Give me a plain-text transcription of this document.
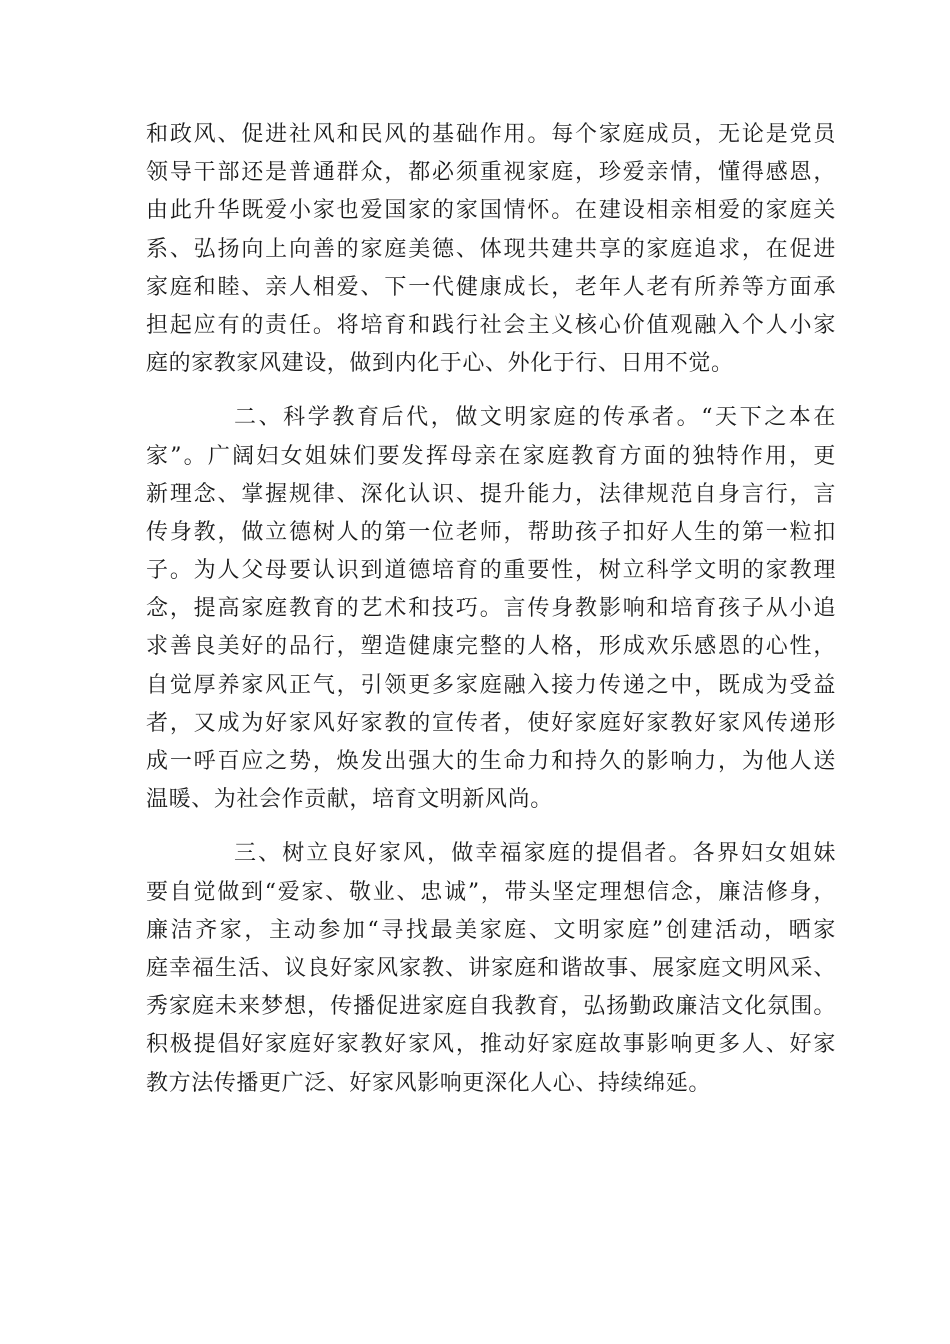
和政风、促进社风和民风的基础作用。每个家庭成员，无论是党员
领导干部还是普通群众，都必须重视家庭，珍爱亲情，懂得感恩，
由此升华既爱小家也爱国家的家国情怀。在建设相亲相爱的家庭关
系、弘扬向上向善的家庭美德、体现共建共享的家庭追求，在促进
家庭和睦、亲人相爱、下一代健康成长，老年人老有所养等方面承
担起应有的责任。将培育和践行社会主义核心价值观融入个人小家
庭的家教家风建设，做到内化于心、外化于行、日用不觉。
二、科学教育后代，做文明家庭的传承者。“天下之本在
家”。广阔妇女姐妹们要发挥母亲在家庭教育方面的独特作用，更
新理念、掌握规律、深化认识、提升能力，法律规范自身言行，言
传身教，做立德树人的第一位老师，帮助孩子扣好人生的第一粒扣
子。为人父母要认识到道德培育的重要性，树立科学文明的家教理
念，提高家庭教育的艺术和技巧。言传身教影响和培育孩子从小追
求善良美好的品行，塑造健康完整的人格，形成欢乐感恩的心性，
自觉厚养家风正气，引领更多家庭融入接力传递之中，既成为受益
者，又成为好家风好家教的宣传者，使好家庭好家教好家风传递形
成一呼百应之势，焕发出强大的生命力和持久的影响力，为他人送
温暖、为社会作贡献，培育文明新风尚。
三、树立良好家风，做幸福家庭的提倡者。各界妇女姐妹
要自觉做到“爱家、敬业、忠诚”，带头坚定理想信念，廉洁修身，
廉洁齐家，主动参加“寻找最美家庭、文明家庭”创建活动，晒家
庭幸福生活、议良好家风家教、讲家庭和谐故事、展家庭文明风采、
秀家庭未来梦想，传播促进家庭自我教育，弘扬勤政廉洁文化氛围。
积极提倡好家庭好家教好家风，推动好家庭故事影响更多人、好家
教方法传播更广泛、好家风影响更深化人心、持续绵延。
